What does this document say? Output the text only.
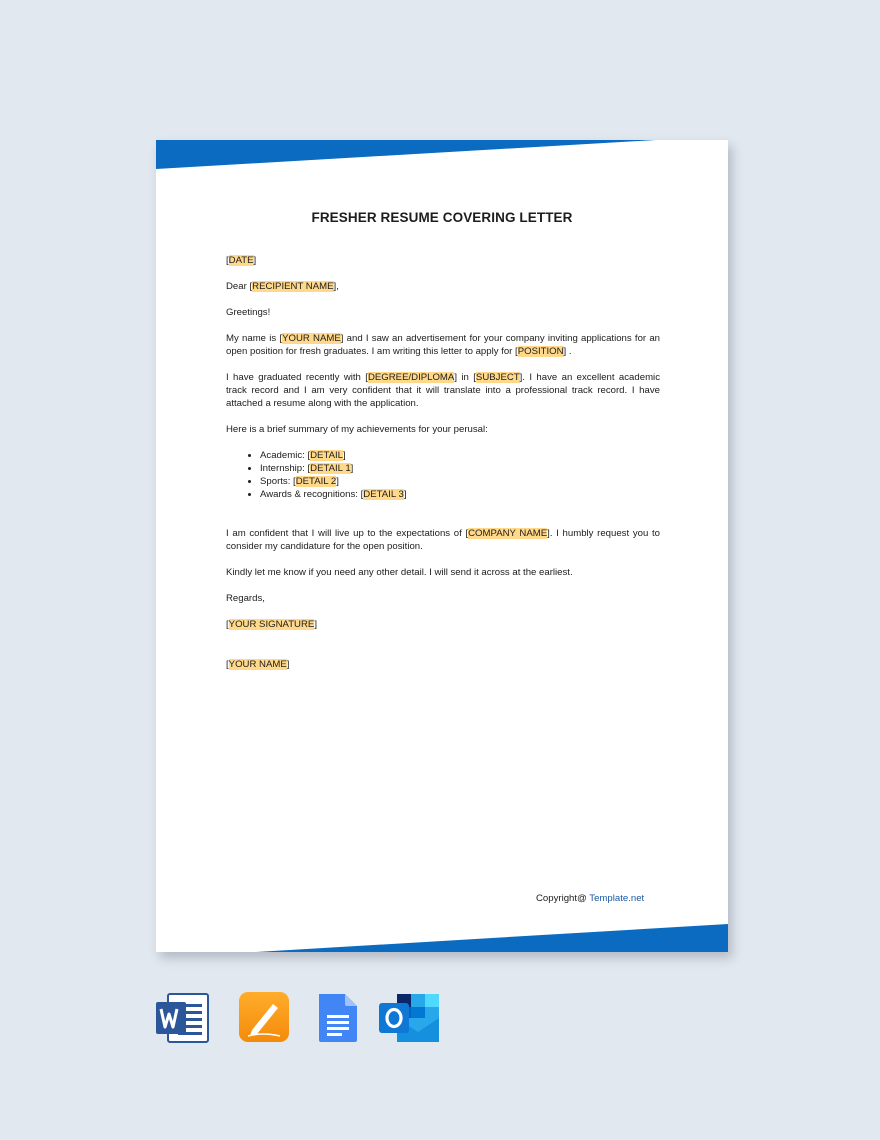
FRESHER RESUME COVERING LETTER

[DATE]

Dear [RECIPIENT NAME],

Greetings!

My name is [YOUR NAME] and I saw an advertisement for your company inviting applications for an open position for fresh graduates. I am writing this letter to apply for [POSITION] .

I have graduated recently with [DEGREE/DIPLOMA] in [SUBJECT]. I have an excellent academic track record and I am very confident that it will translate into a professional track record. I have attached a resume along with the application.

Here is a brief summary of my achievements for your perusal:

• Academic: [DETAIL]
• Internship: [DETAIL 1]
• Sports: [DETAIL 2]
• Awards & recognitions: [DETAIL 3]

I am confident that I will live up to the expectations of [COMPANY NAME]. I humbly request you to consider my candidature for the open position.

Kindly let me know if you need any other detail. I will send it across at the earliest.

Regards,

[YOUR SIGNATURE]

[YOUR NAME]

Copyright@ Template.net
